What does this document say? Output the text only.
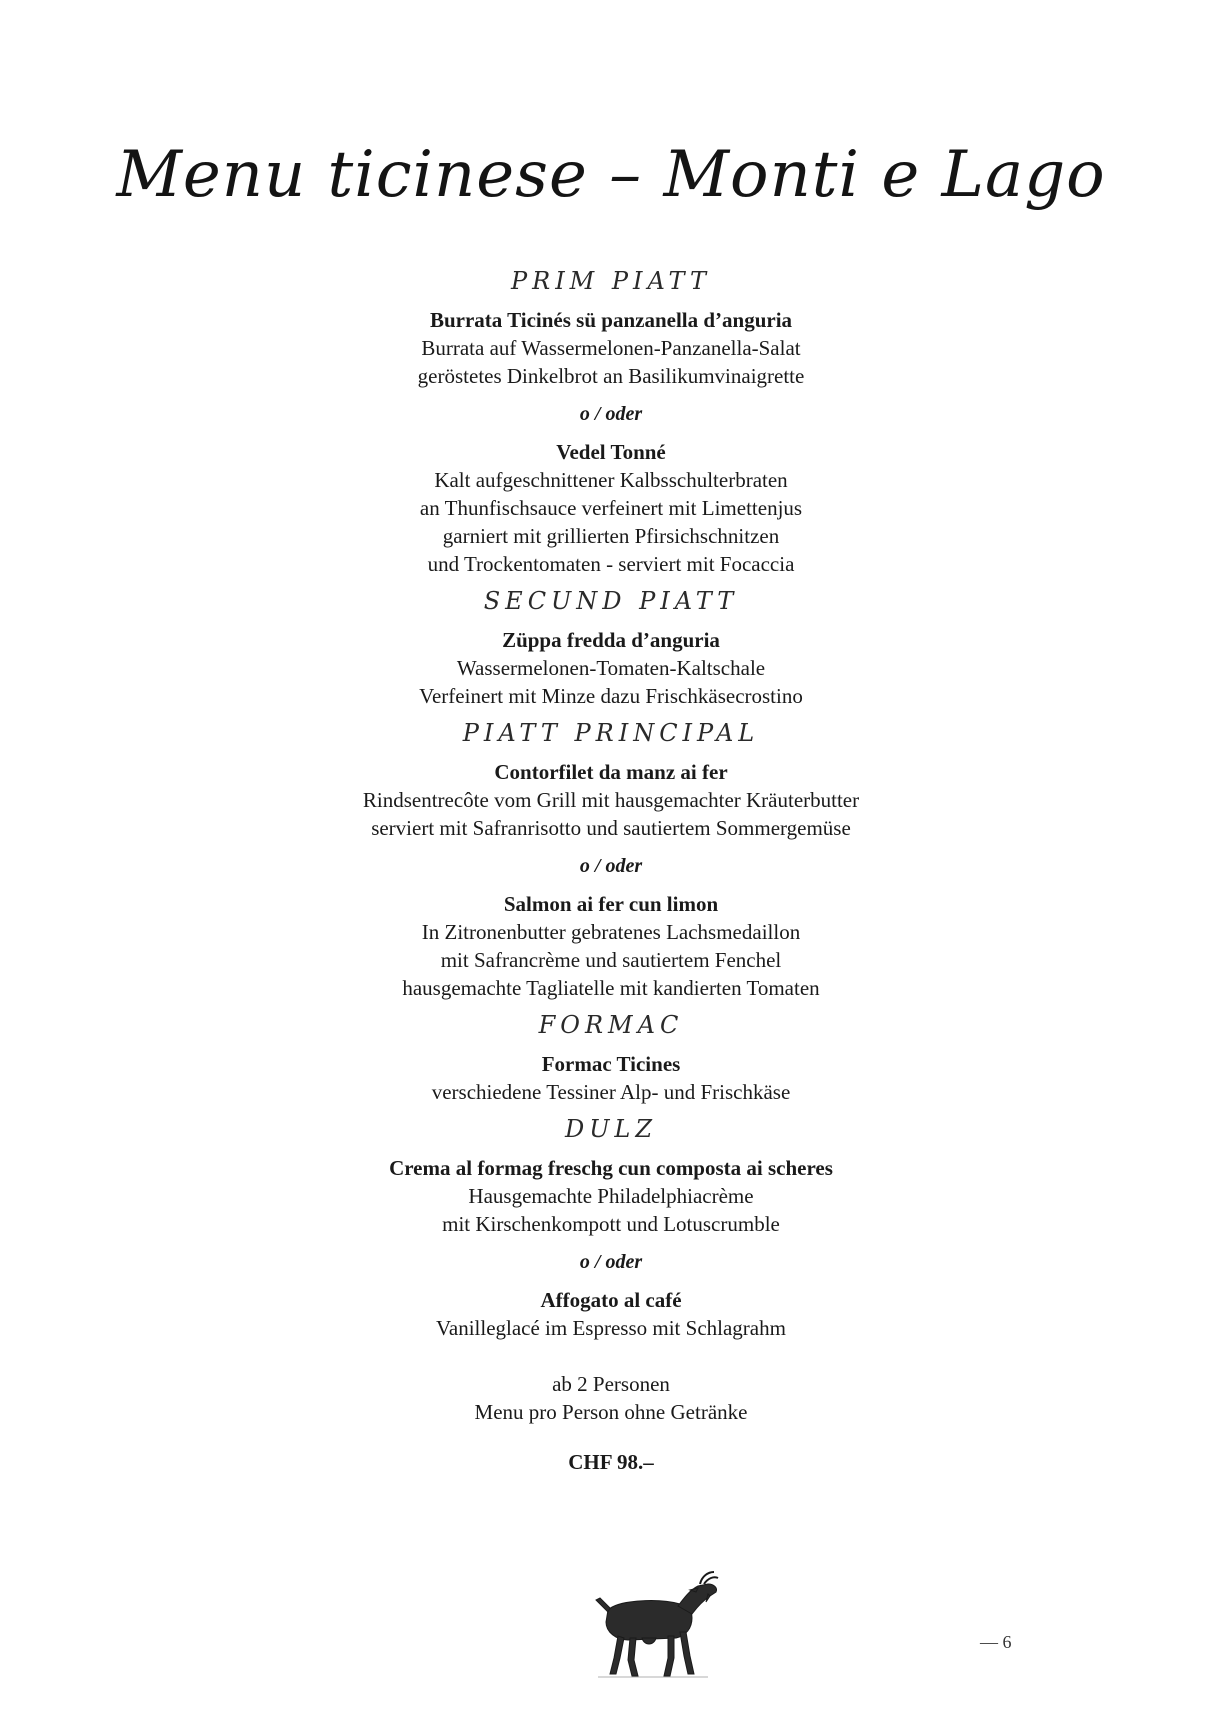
Menu ticinese – Monti e Lago
PRIM PIATT
Burrata Ticinés sü panzanella d’anguria
Burrata auf Wassermelonen-Panzanella-Salat
geröstetes Dinkelbrot an Basilikumvinaigrette
o / oder
Vedel Tonné
Kalt aufgeschnittener Kalbsschulterbraten
an Thunfischsauce verfeinert mit Limettenjus
garniert mit grillierten Pfirsichschnitzen
und Trockentomaten - serviert mit Focaccia
SECUND PIATT
Züppa fredda d’anguria
Wassermelonen-Tomaten-Kaltschale
Verfeinert mit Minze dazu Frischkäsecrostino
PIATT PRINCIPAL
Contorfilet da manz ai fer
Rindsentrecôte vom Grill mit hausgemachter Kräuterbutter
serviert mit Safranrisotto und sautiertem Sommergemüse
o / oder
Salmon ai fer cun limon
In Zitronenbutter gebratenes Lachsmedaillon
mit Safrancrème und sautiertem Fenchel
hausgemachte Tagliatelle mit kandierten Tomaten
FORMAC
Formac Ticines
verschiedene Tessiner Alp- und Frischkäse
DULZ
Crema al formag freschg cun composta ai scheres
Hausgemachte Philadelphiacrème
mit Kirschenkompott und Lotuscrumble
o / oder
Affogato al café
Vanilleglacé im Espresso mit Schlagrahm
ab 2 Personen
Menu pro Person ohne Getränke
CHF 98.–
— 6
